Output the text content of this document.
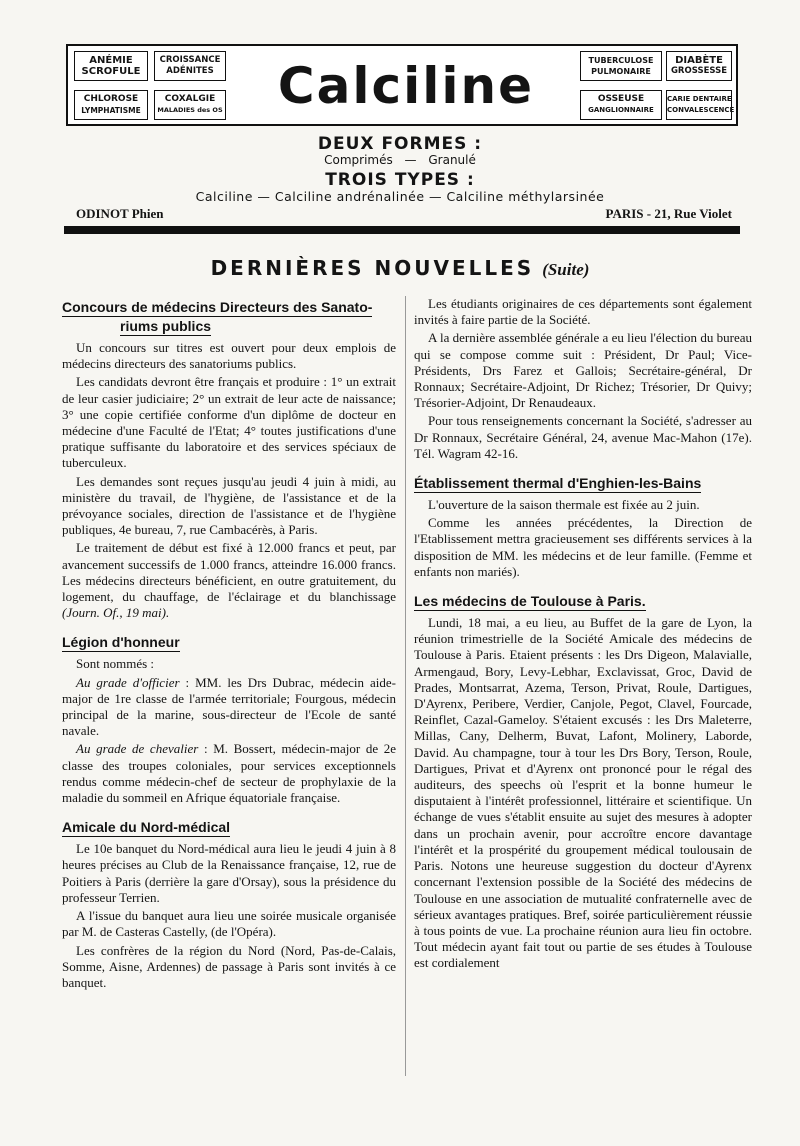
ANÉMIE
SCROFULE
CROISSANCE
ADÉNITES
CHLOROSE
LYMPHATISME
COXALGIE
MALADIES des OS	Calciline	TUBERCULOSE
PULMONAIRE
DIABÈTE
GROSSESSE
OSSEUSE
GANGLIONNAIRE
CARIE DENTAIRE
CONVALESCENCE
DEUX FORMES :
Comprimés — Granulé
TROIS TYPES :
Calciline — Calciline andrénalinée — Calciline méthylarsinée
ODINOT Phien	PARIS - 21, Rue Violet
DERNIÈRES NOUVELLES (Suite)
Concours de médecins Directeurs des Sanato-
riums publics

Un concours sur titres est ouvert pour deux emplois de médecins directeurs des sanatoriums publics.

Les candidats devront être français et produire : 1° un extrait de leur casier judiciaire; 2° un extrait de leur acte de naissance; 3° une copie certifiée conforme d'un diplôme de docteur en médecine d'une Faculté de l'Etat; 4° toutes justifications d'une pratique suffisante du laboratoire et des services spéciaux de tuberculeux.

Les demandes sont reçues jusqu'au jeudi 4 juin à midi, au ministère du travail, de l'hygiène, de l'assistance et de la prévoyance sociales, direction de l'assistance et de l'hygiène publiques, 4e bureau, 7, rue Cambacérès, à Paris.

Le traitement de début est fixé à 12.000 francs et peut, par avancement successifs de 1.000 francs, atteindre 16.000 francs. Les médecins directeurs bénéficient, en outre gratuitement, du logement, du chauffage, de l'éclairage et du blanchissage (Journ. Of., 19 mai).

Légion d'honneur

Sont nommés :

Au grade d'officier : MM. les Drs Dubrac, médecin aide-major de 1re classe de l'armée territoriale; Fourgous, médecin principal de la marine, sous-directeur de l'Ecole de santé navale.

Au grade de chevalier : M. Bossert, médecin-major de 2e classe des troupes coloniales, pour services exceptionnels rendus comme médecin-chef de secteur de prophylaxie de la maladie du sommeil en Afrique équatoriale française.

Amicale du Nord-médical

Le 10e banquet du Nord-médical aura lieu le jeudi 4 juin à 8 heures précises au Club de la Renaissance française, 12, rue de Poitiers à Paris (derrière la gare d'Orsay), sous la présidence du professeur Terrien.

A l'issue du banquet aura lieu une soirée musicale organisée par M. de Casteras Castelly, (de l'Opéra).

Les confrères de la région du Nord (Nord, Pas-de-Calais, Somme, Aisne, Ardennes) de passage à Paris sont invités à ce banquet.

Les étudiants originaires de ces départements sont également invités à faire partie de la Société.

A la dernière assemblée générale a eu lieu l'élection du bureau qui se compose comme suit : Président, Dr Paul; Vice-Présidents, Drs Farez et Gallois; Secrétaire-général, Dr Ronnaux; Secrétaire-Adjoint, Dr Richez; Trésorier, Dr Quivy; Trésorier-Adjoint, Dr Renaudeaux.

Pour tous renseignements concernant la Société, s'adresser au Dr Ronnaux, Secrétaire Général, 24, avenue Mac-Mahon (17e). Tél. Wagram 42-16.

Établissement thermal d'Enghien-les-Bains

L'ouverture de la saison thermale est fixée au 2 juin.

Comme les années précédentes, la Direction de l'Etablissement mettra gracieusement ses différents services à la disposition de MM. les médecins et de leur famille. (Femme et enfants non mariés).

Les médecins de Toulouse à Paris.

Lundi, 18 mai, a eu lieu, au Buffet de la gare de Lyon, la réunion trimestrielle de la Société Amicale des médecins de Toulouse à Paris. Etaient présents : les Drs Digeon, Malavialle, Armengaud, Bory, Levy-Lebhar, Exclavissat, Groc, David de Prades, Montsarrat, Azema, Terson, Privat, Roule, Dartigues, D'Ayrenx, Peribere, Verdier, Canjole, Pegot, Clavel, Fourcade, Reinflet, Cazal-Gameloy. S'étaient excusés : les Drs Maleterre, Millas, Cany, Delherm, Buvat, Lafont, Molinery, Laborde, David. Au champagne, tour à tour les Drs Bory, Terson, Roule, Dartigues, Privat et d'Ayrenx ont prononcé pour le régal des auditeurs, des speechs où l'esprit et la bonne humeur le disputaient à l'intérêt professionnel, littéraire et scientifique. Un échange de vues s'établit ensuite au sujet des mesures à adopter dans un prochain avenir, pour accroître encore davantage l'intérêt et la prospérité du groupement médical toulousain de Paris. Notons une heureuse suggestion du docteur d'Ayrenx concernant l'extension possible de la Société des médecins de Toulouse en une association de mutualité confraternelle avec de sérieux avantages pratiques. Bref, soirée particulièrement réussie à tous points de vue. La prochaine réunion aura lieu fin octobre. Tout médecin ayant fait tout ou partie de ses études à Toulouse est cordialement
